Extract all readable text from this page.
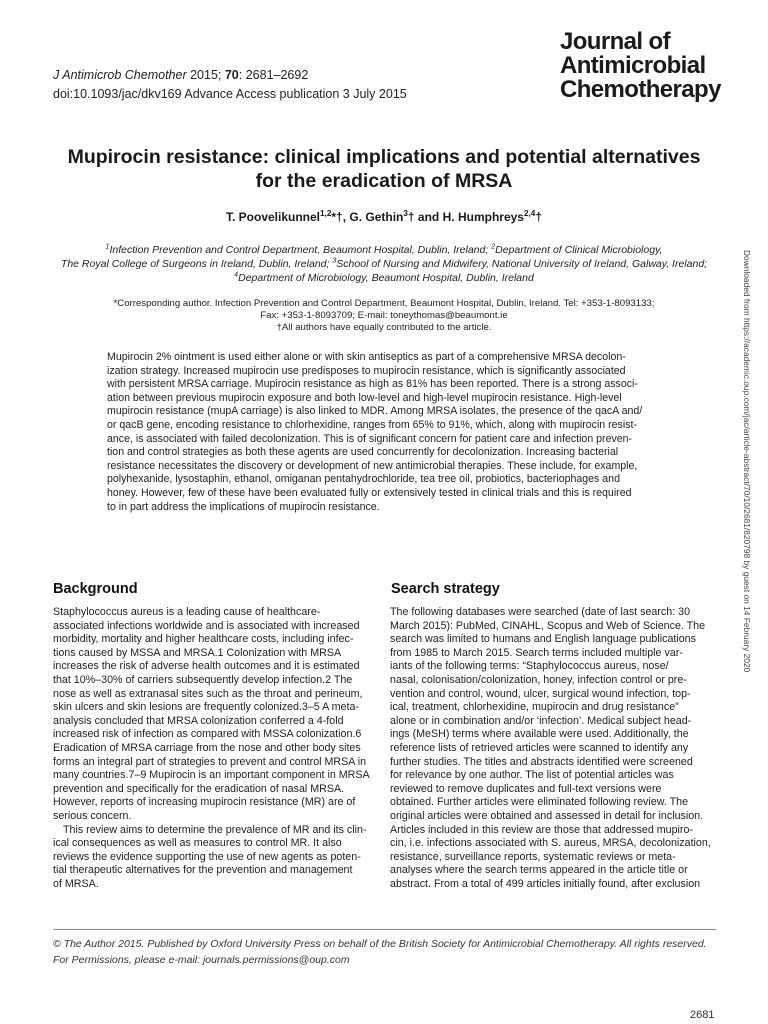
J Antimicrob Chemother 2015; 70: 2681–2692
doi:10.1093/jac/dkv169 Advance Access publication 3 July 2015
Journal of
Antimicrobial
Chemotherapy
Mupirocin resistance: clinical implications and potential alternatives
for the eradication of MRSA
T. Poovelikunnel$^{1,2}$*†, G. Gethin$^3$† and H. Humphreys$^{2,4}$†
$^1$Infection Prevention and Control Department, Beaumont Hospital, Dublin, Ireland; $^2$Department of Clinical Microbiology,
The Royal College of Surgeons in Ireland, Dublin, Ireland; $^3$School of Nursing and Midwifery, National University of Ireland, Galway, Ireland;
$^4$Department of Microbiology, Beaumont Hospital, Dublin, Ireland
*Corresponding author. Infection Prevention and Control Department, Beaumont Hospital, Dublin, Ireland. Tel: +353-1-8093133;
Fax: +353-1-8093709; E-mail: toneythomas@beaumont.ie
†All authors have equally contributed to the article.
Mupirocin 2% ointment is used either alone or with skin antiseptics as part of a comprehensive MRSA decolon-
ization strategy. Increased mupirocin use predisposes to mupirocin resistance, which is significantly associated
with persistent MRSA carriage. Mupirocin resistance as high as 81% has been reported. There is a strong associ-
ation between previous mupirocin exposure and both low-level and high-level mupirocin resistance. High-level
mupirocin resistance (mupA carriage) is also linked to MDR. Among MRSA isolates, the presence of the qacA and/
or qacB gene, encoding resistance to chlorhexidine, ranges from 65% to 91%, which, along with mupirocin resist-
ance, is associated with failed decolonization. This is of significant concern for patient care and infection preven-
tion and control strategies as both these agents are used concurrently for decolonization. Increasing bacterial
resistance necessitates the discovery or development of new antimicrobial therapies. These include, for example,
polyhexanide, lysostaphin, ethanol, omiganan pentahydrochloride, tea tree oil, probiotics, bacteriophages and
honey. However, few of these have been evaluated fully or extensively tested in clinical trials and this is required
to in part address the implications of mupirocin resistance.
Background	Search strategy
Staphylococcus aureus is a leading cause of healthcare-
associated infections worldwide and is associated with increased
morbidity, mortality and higher healthcare costs, including infec-
tions caused by MSSA and MRSA.1 Colonization with MRSA
increases the risk of adverse health outcomes and it is estimated
that 10%–30% of carriers subsequently develop infection.2 The
nose as well as extranasal sites such as the throat and perineum,
skin ulcers and skin lesions are frequently colonized.3–5 A meta-
analysis concluded that MRSA colonization conferred a 4-fold
increased risk of infection as compared with MSSA colonization.6
Eradication of MRSA carriage from the nose and other body sites
forms an integral part of strategies to prevent and control MRSA in
many countries.7–9 Mupirocin is an important component in MRSA
prevention and specifically for the eradication of nasal MRSA.
However, reports of increasing mupirocin resistance (MR) are of
serious concern.
This review aims to determine the prevalence of MR and its clin-
ical consequences as well as measures to control MR. It also
reviews the evidence supporting the use of new agents as poten-
tial therapeutic alternatives for the prevention and management
of MRSA.
The following databases were searched (date of last search: 30
March 2015): PubMed, CINAHL, Scopus and Web of Science. The
search was limited to humans and English language publications
from 1985 to March 2015. Search terms included multiple var-
iants of the following terms: “Staphylococcus aureus, nose/
nasal, colonisation/colonization, honey, infection control or pre-
vention and control, wound, ulcer, surgical wound infection, top-
ical, treatment, chlorhexidine, mupirocin and drug resistance”
alone or in combination and/or ‘infection’. Medical subject head-
ings (MeSH) terms where available were used. Additionally, the
reference lists of retrieved articles were scanned to identify any
further studies. The titles and abstracts identified were screened
for relevance by one author. The list of potential articles was
reviewed to remove duplicates and full-text versions were
obtained. Further articles were eliminated following review. The
original articles were obtained and assessed in detail for inclusion.
Articles included in this review are those that addressed mupiro-
cin, i.e. infections associated with S. aureus, MRSA, decolonization,
resistance, surveillance reports, systematic reviews or meta-
analyses where the search terms appeared in the article title or
abstract. From a total of 499 articles initially found, after exclusion
© The Author 2015. Published by Oxford University Press on behalf of the British Society for Antimicrobial Chemotherapy. All rights reserved.
For Permissions, please e-mail: journals.permissions@oup.com
2681
Downloaded from https://academic.oup.com/jac/article-abstract/70/10/2681/820798 by guest on 14 February 2020
